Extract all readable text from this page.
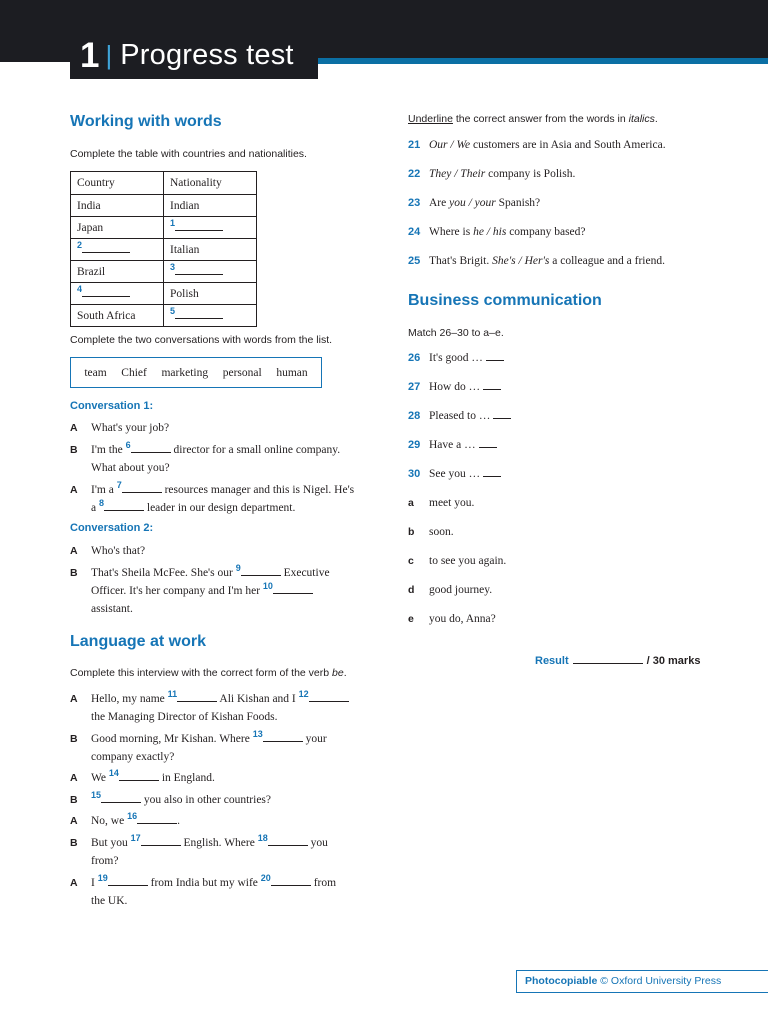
1 | Progress test
Working with words
Complete the table with countries and nationalities.
Country	Nationality
India	Indian
Japan	$^1$
$^2$	Italian
Brazil	$^3$
$^4$	Polish
South Africa	$^5$
Complete the two conversations with words from the list.
team Chief marketing personal human
Conversation 1:
A What's your job?
B I'm the $^6$	director for a small online company.
What about you?
A I'm a $^7$	resources manager and this is Nigel. He's
a $^8$	leader in our design department.
Conversation 2:
A Who's that?
B That's Sheila McFee. She's our $^9$	Executive
Officer. It's her company and I'm her $^{10}$
assistant.
Language at work
Complete this interview with the correct form of the verb be.
A Hello, my name $^{11}$	Ali Kishan and I $^{12}$
the Managing Director of Kishan Foods.
B Good morning, Mr Kishan. Where $^{13}$	your
company exactly?
A We $^{14}$	in England.
B $^{15}$	you also in other countries?
A No, we $^{16}$	.
B But you $^{17}$	English. Where $^{18}$	you
from?
A I $^{19}$	from India but my wife $^{20}$	from
the UK.
Underline the correct answer from the words in italics.
21 Our / We customers are in Asia and South America.
22 They / Their company is Polish.
23 Are you / your Spanish?
24 Where is he / his company based?
25 That's Brigit. She's / Her's a colleague and a friend.
Business communication
Match 26–30 to a–e.
26 It's good …
27 How do …
28 Pleased to …
29 Have a …
30 See you …
a meet you.
b soon.
c to see you again.
d good journey.
e you do, Anna?
Result	/ 30 marks
Photocopiable © Oxford University Press
